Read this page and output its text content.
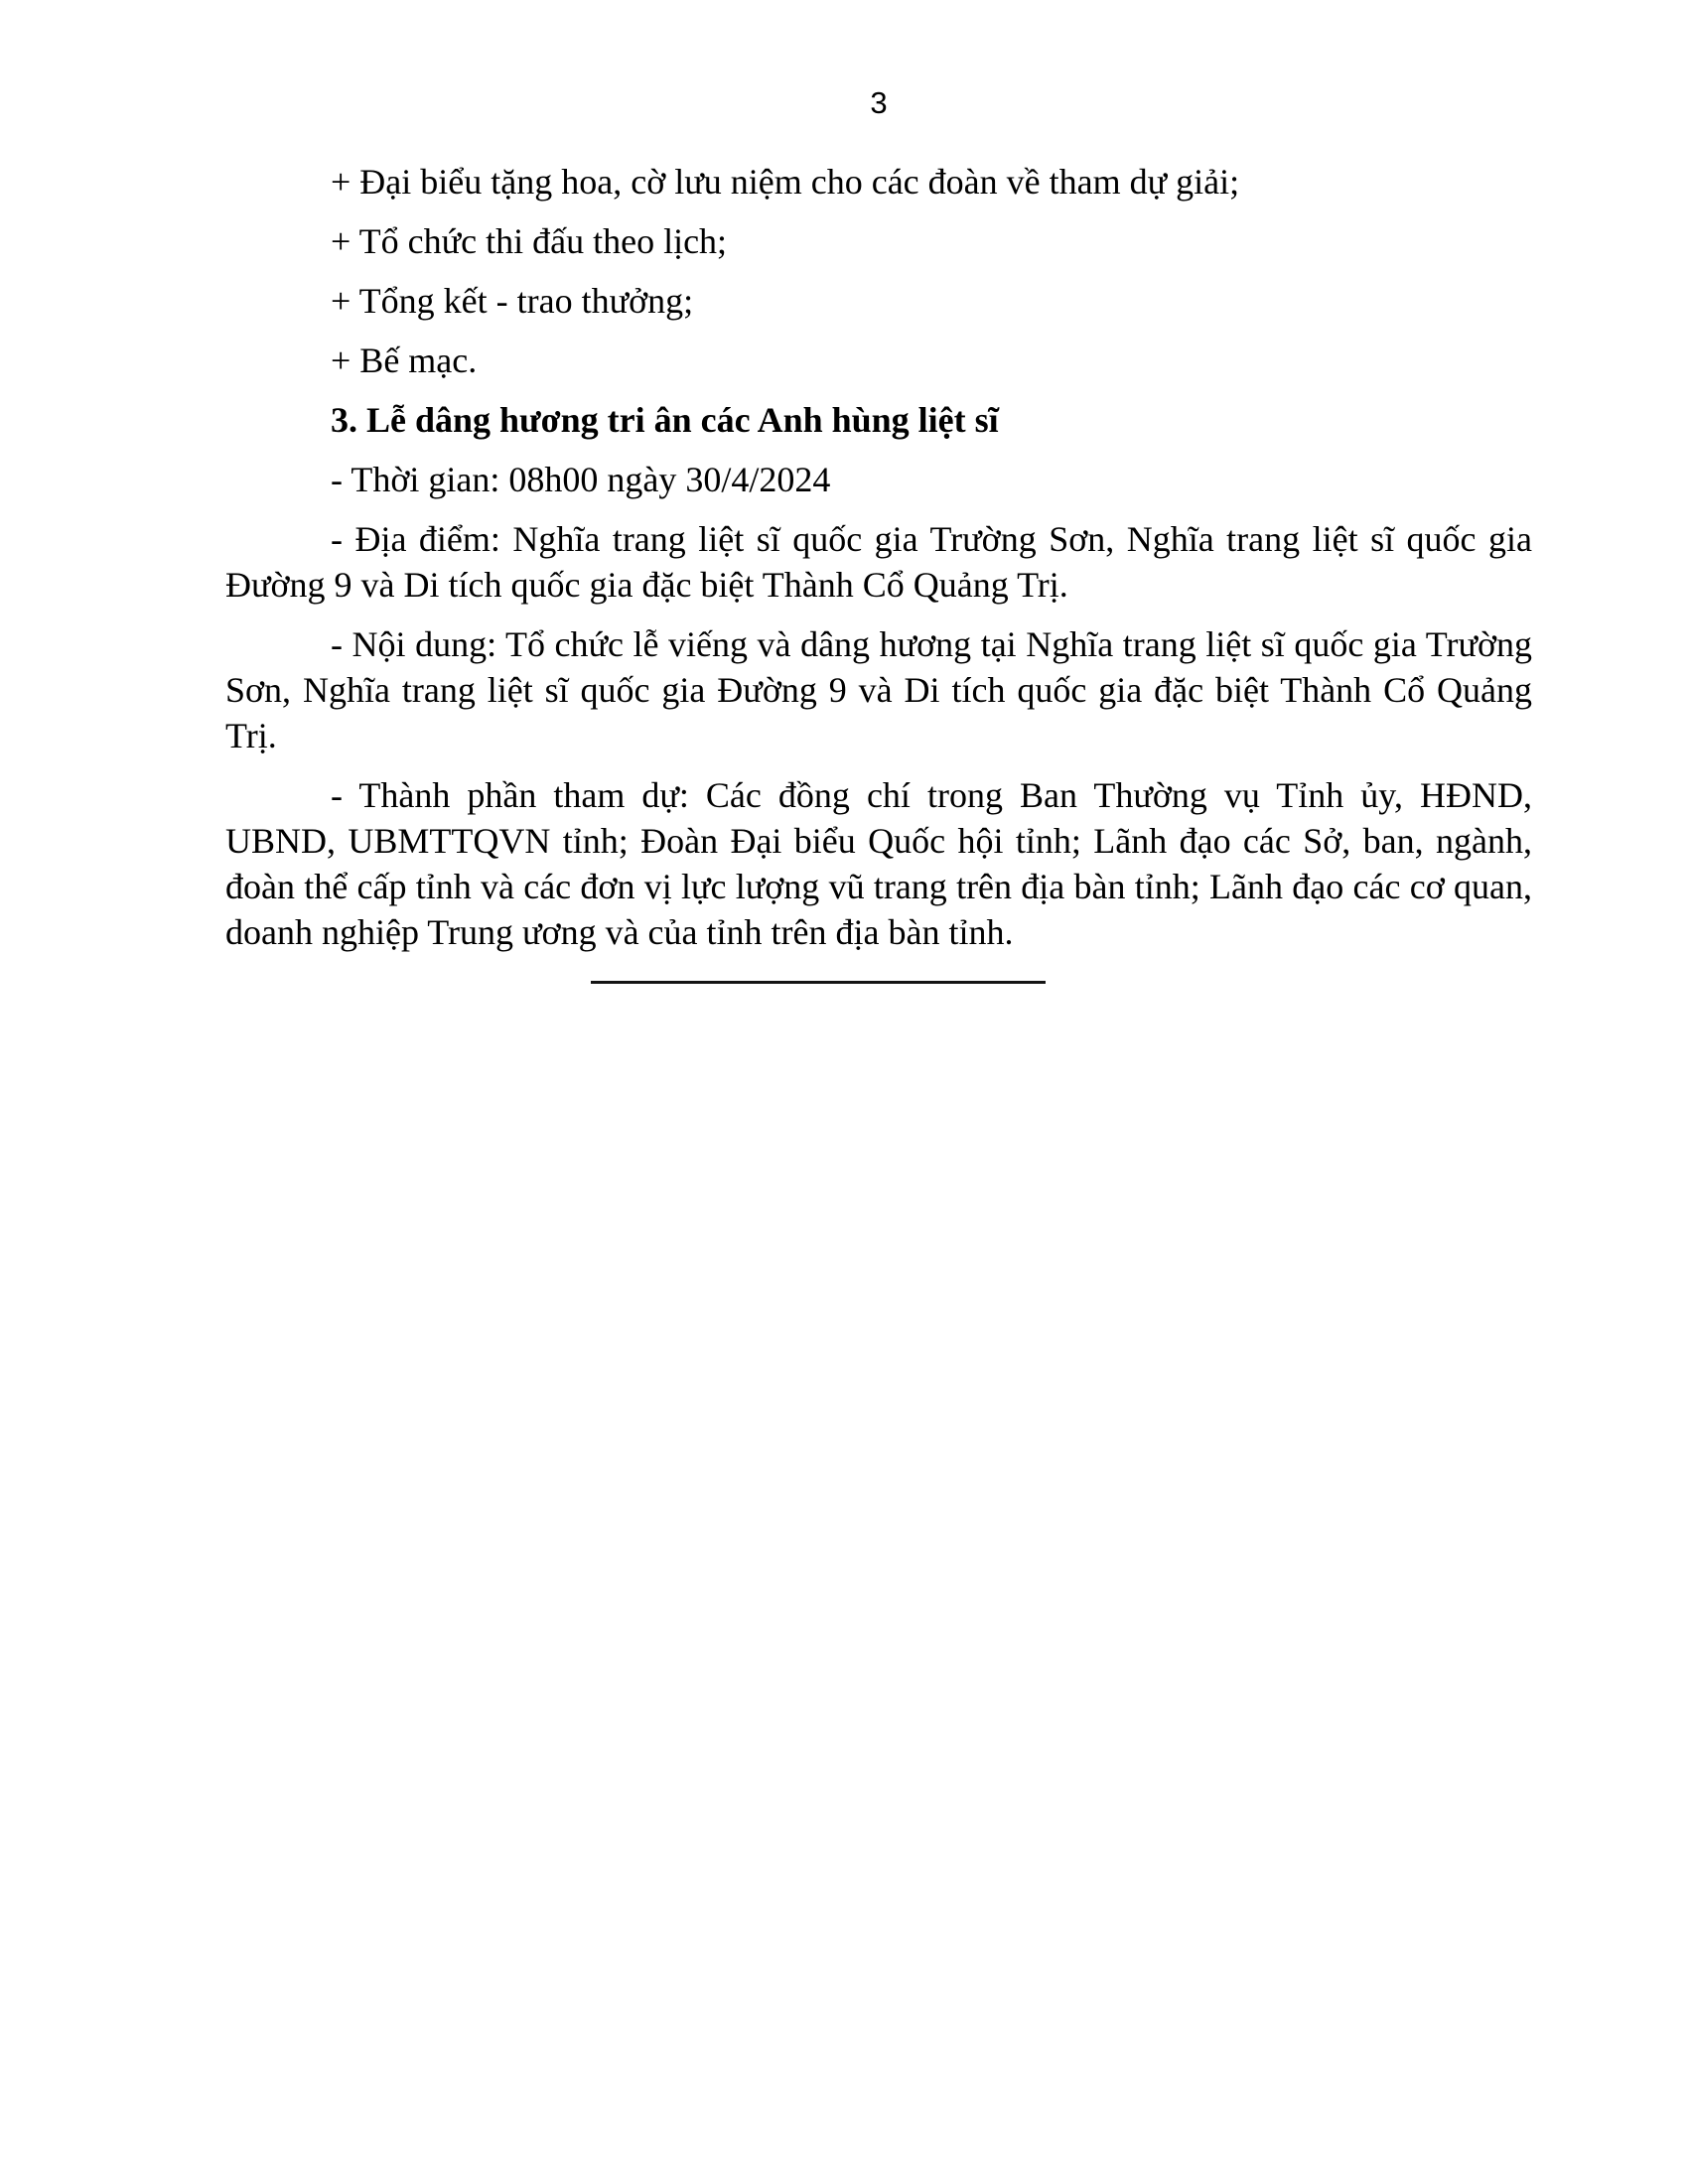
3

+ Đại biểu tặng hoa, cờ lưu niệm cho các đoàn về tham dự giải;

+ Tổ chức thi đấu theo lịch;

+ Tổng kết - trao thưởng;

+ Bế mạc.

3. Lễ dâng hương tri ân các Anh hùng liệt sĩ

- Thời gian: 08h00 ngày 30/4/2024

- Địa điểm: Nghĩa trang liệt sĩ quốc gia Trường Sơn, Nghĩa trang liệt sĩ quốc gia Đường 9 và Di tích quốc gia đặc biệt Thành Cổ Quảng Trị.

- Nội dung: Tổ chức lễ viếng và dâng hương tại Nghĩa trang liệt sĩ quốc gia Trường Sơn, Nghĩa trang liệt sĩ quốc gia Đường 9 và Di tích quốc gia đặc biệt Thành Cổ Quảng Trị.

- Thành phần tham dự: Các đồng chí trong Ban Thường vụ Tỉnh ủy, HĐND, UBND, UBMTTQVN tỉnh; Đoàn Đại biểu Quốc hội tỉnh; Lãnh đạo các Sở, ban, ngành, đoàn thể cấp tỉnh và các đơn vị lực lượng vũ trang trên địa bàn tỉnh; Lãnh đạo các cơ quan, doanh nghiệp Trung ương và của tỉnh trên địa bàn tỉnh.
